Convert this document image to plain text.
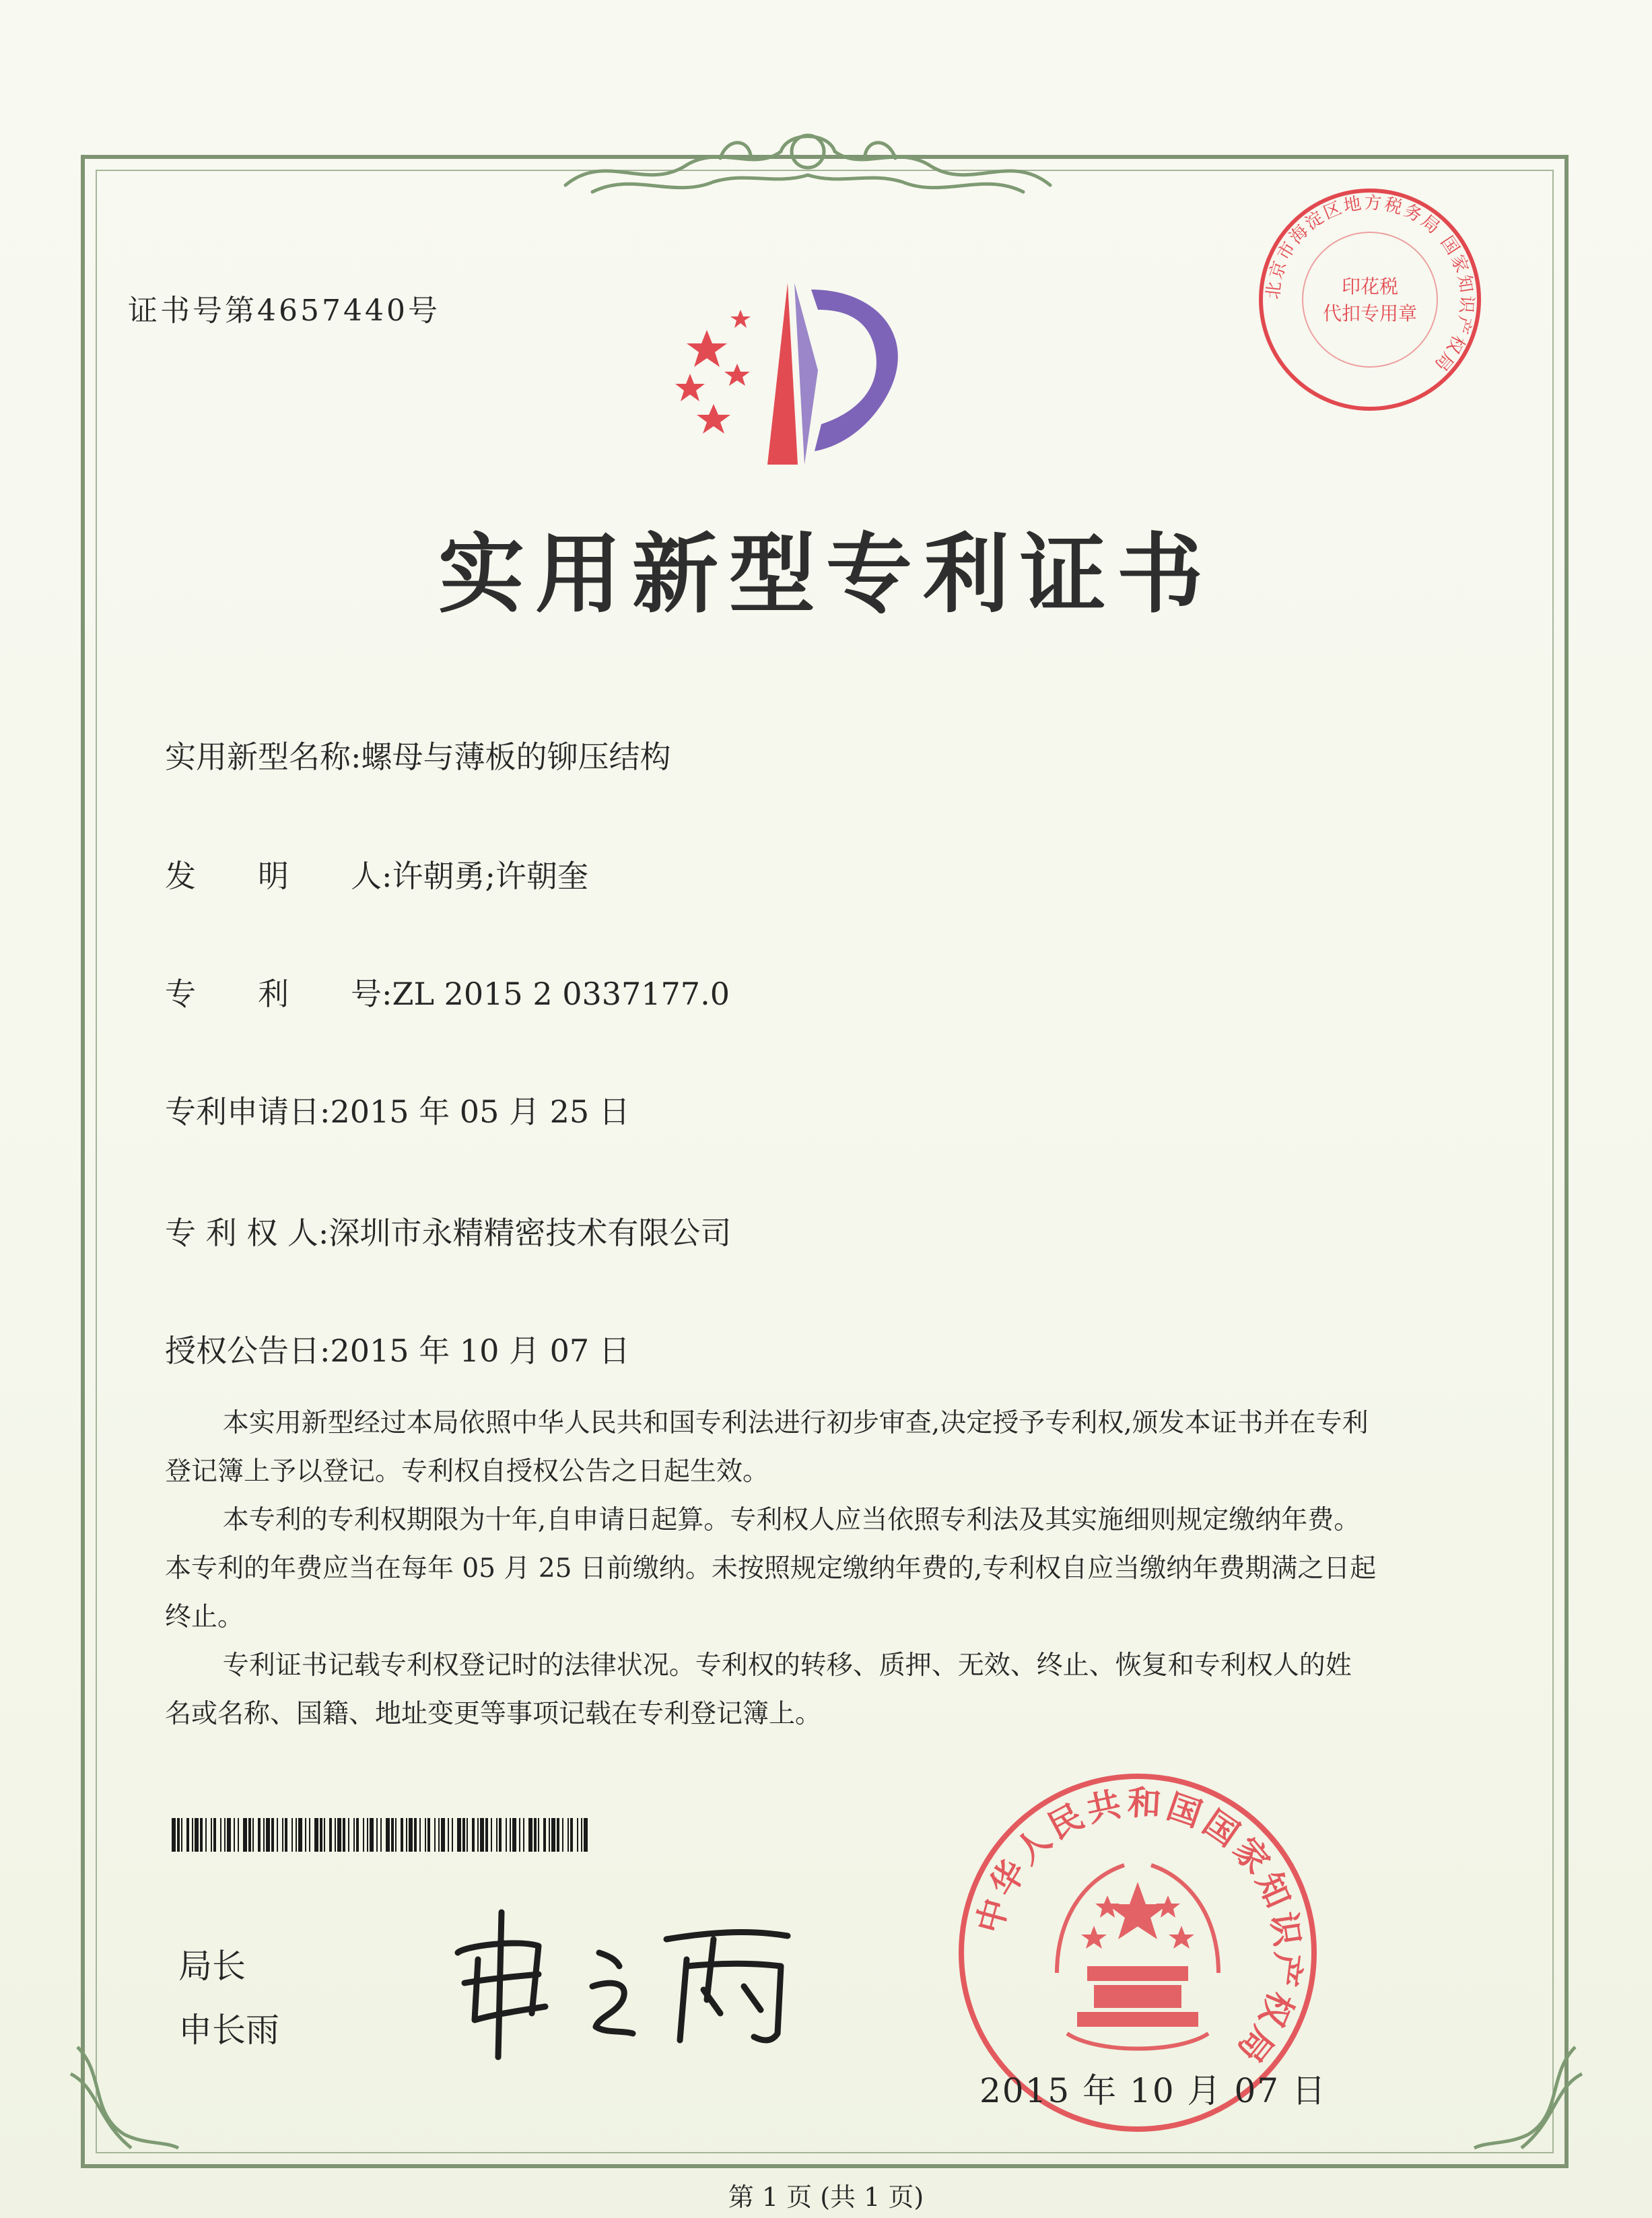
证书号第4657440号
北京市海淀区地方税务局 国家知识产权局
印花税
代扣专用章
实用新型专利证书
实用新型名称:螺母与薄板的铆压结构
发　　明　　人:许朝勇;许朝奎
专　　利　　号:ZL 2015 2 0337177.0
专利申请日:2015 年 05 月 25 日
专 利 权 人:深圳市永精精密技术有限公司
授权公告日:2015 年 10 月 07 日

本实用新型经过本局依照中华人民共和国专利法进行初步审查,决定授予专利权,颁发本证书并在专利登记簿上予以登记。专利权自授权公告之日起生效。

本专利的专利权期限为十年,自申请日起算。专利权人应当依照专利法及其实施细则规定缴纳年费。本专利的年费应当在每年 05 月 25 日前缴纳。未按照规定缴纳年费的,专利权自应当缴纳年费期满之日起终止。

专利证书记载专利权登记时的法律状况。专利权的转移、质押、无效、终止、恢复和专利权人的姓名或名称、国籍、地址变更等事项记载在专利登记簿上。

局长
申长雨
中华人民共和国国家知识产权局
2015 年 10 月 07 日
第 1 页 (共 1 页)
